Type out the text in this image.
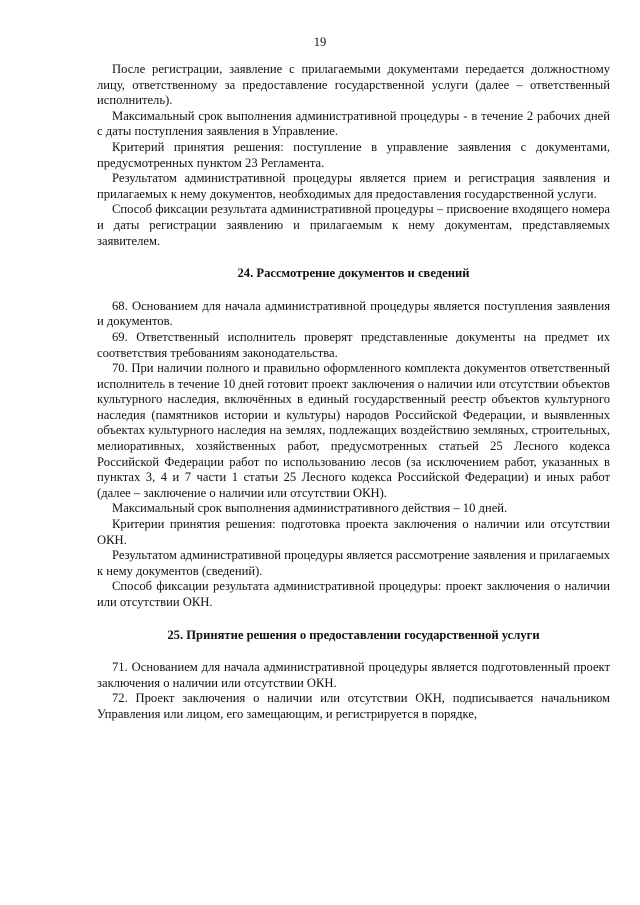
19

После регистрации, заявление с прилагаемыми документами передается должностному лицу, ответственному за предоставление государственной услуги (далее – ответственный исполнитель).

Максимальный срок выполнения административной процедуры - в течение 2 рабочих дней с даты поступления заявления в Управление.

Критерий принятия решения: поступление в управление заявления с документами, предусмотренных пунктом 23 Регламента.

Результатом административной процедуры является прием и регистрация заявления и прилагаемых к нему документов, необходимых для предоставления государственной услуги.

Способ фиксации результата административной процедуры – присвоение входящего номера и даты регистрации заявлению и прилагаемым к нему документам, представляемых заявителем.

24. Рассмотрение документов и сведений

68. Основанием для начала административной процедуры является поступления заявления и документов.

69. Ответственный исполнитель проверят представленные документы на предмет их соответствия требованиям законодательства.

70. При наличии полного и правильно оформленного комплекта документов ответственный исполнитель в течение 10 дней готовит проект заключения о наличии или отсутствии объектов культурного наследия, включённых в единый государственный реестр объектов культурного наследия (памятников истории и культуры) народов Российской Федерации, и выявленных объектах культурного наследия на землях, подлежащих воздействию земляных, строительных, мелиоративных, хозяйственных работ, предусмотренных статьей 25 Лесного кодекса Российской Федерации работ по использованию лесов (за исключением работ, указанных в пунктах 3, 4 и 7 части 1 статьи 25 Лесного кодекса Российской Федерации) и иных работ (далее – заключение о наличии или отсутствии ОКН).

Максимальный срок выполнения административного действия – 10 дней.

Критерии принятия решения: подготовка проекта заключения о наличии или отсутствии ОКН.

Результатом административной процедуры является рассмотрение заявления и прилагаемых к нему документов (сведений).

Способ фиксации результата административной процедуры: проект заключения о наличии или отсутствии ОКН.

25. Принятие решения о предоставлении государственной услуги

71. Основанием для начала административной процедуры является подготовленный проект заключения о наличии или отсутствии ОКН.

72. Проект заключения о наличии или отсутствии ОКН, подписывается начальником Управления или лицом, его замещающим, и регистрируется в порядке,
